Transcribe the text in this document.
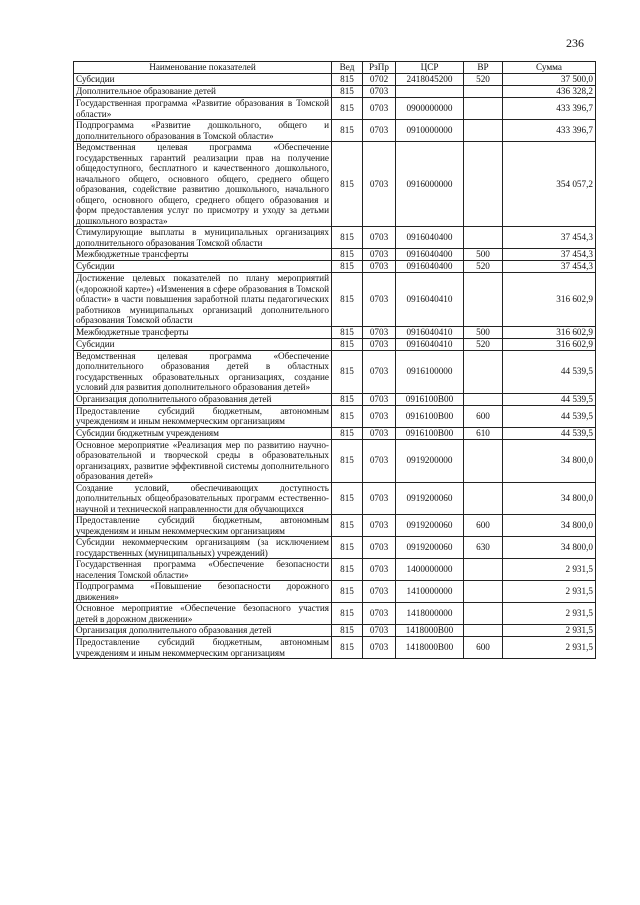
236
Наименование показателей	Вед	РзПр	ЦСР	ВР	Сумма
Субсидии	815	0702	2418045200	520	37 500,0
Дополнительное образование детей	815	0703			436 328,2
Государственная программа «Развитие образования в Томской области»	815	0703	0900000000		433 396,7
Подпрограмма «Развитие дошкольного, общего и дополнительного образования в Томской области»	815	0703	0910000000		433 396,7
Ведомственная целевая программа «Обеспечение государственных гарантий реализации прав на получение общедоступного, бесплатного и качественного дошкольного, начального общего, основного общего, среднего общего образования, содействие развитию дошкольного, начального общего, основного общего, среднего общего образования и форм предоставления услуг по присмотру и уходу за детьми дошкольного возраста»	815	0703	0916000000		354 057,2
Стимулирующие выплаты в муниципальных организациях дополнительного образования Томской области	815	0703	0916040400		37 454,3
Межбюджетные трансферты	815	0703	0916040400	500	37 454,3
Субсидии	815	0703	0916040400	520	37 454,3
Достижение целевых показателей по плану мероприятий («дорожной карте») «Изменения в сфере образования в Томской области» в части повышения заработной платы педагогических работников муниципальных организаций дополнительного образования Томской области	815	0703	0916040410		316 602,9
Межбюджетные трансферты	815	0703	0916040410	500	316 602,9
Субсидии	815	0703	0916040410	520	316 602,9
Ведомственная целевая программа «Обеспечение дополнительного образования детей в областных государственных образовательных организациях, создание условий для развития дополнительного образования детей»	815	0703	0916100000		44 539,5
Организация дополнительного образования детей	815	0703	0916100В00		44 539,5
Предоставление субсидий бюджетным, автономным учреждениям и иным некоммерческим организациям	815	0703	0916100В00	600	44 539,5
Субсидии бюджетным учреждениям	815	0703	0916100В00	610	44 539,5
Основное мероприятие «Реализация мер по развитию научно-образовательной и творческой среды в образовательных организациях, развитие эффективной системы дополнительного образования детей»	815	0703	0919200000		34 800,0
Создание условий, обеспечивающих доступность дополнительных общеобразовательных программ естественно-научной и технической направленности для обучающихся	815	0703	0919200060		34 800,0
Предоставление субсидий бюджетным, автономным учреждениям и иным некоммерческим организациям	815	0703	0919200060	600	34 800,0
Субсидии некоммерческим организациям (за исключением государственных (муниципальных) учреждений)	815	0703	0919200060	630	34 800,0
Государственная программа «Обеспечение безопасности населения Томской области»	815	0703	1400000000		2 931,5
Подпрограмма «Повышение безопасности дорожного движения»	815	0703	1410000000		2 931,5
Основное мероприятие «Обеспечение безопасного участия детей в дорожном движении»	815	0703	1418000000		2 931,5
Организация дополнительного образования детей	815	0703	1418000В00		2 931,5
Предоставление субсидий бюджетным, автономным учреждениям и иным некоммерческим организациям	815	0703	1418000В00	600	2 931,5
